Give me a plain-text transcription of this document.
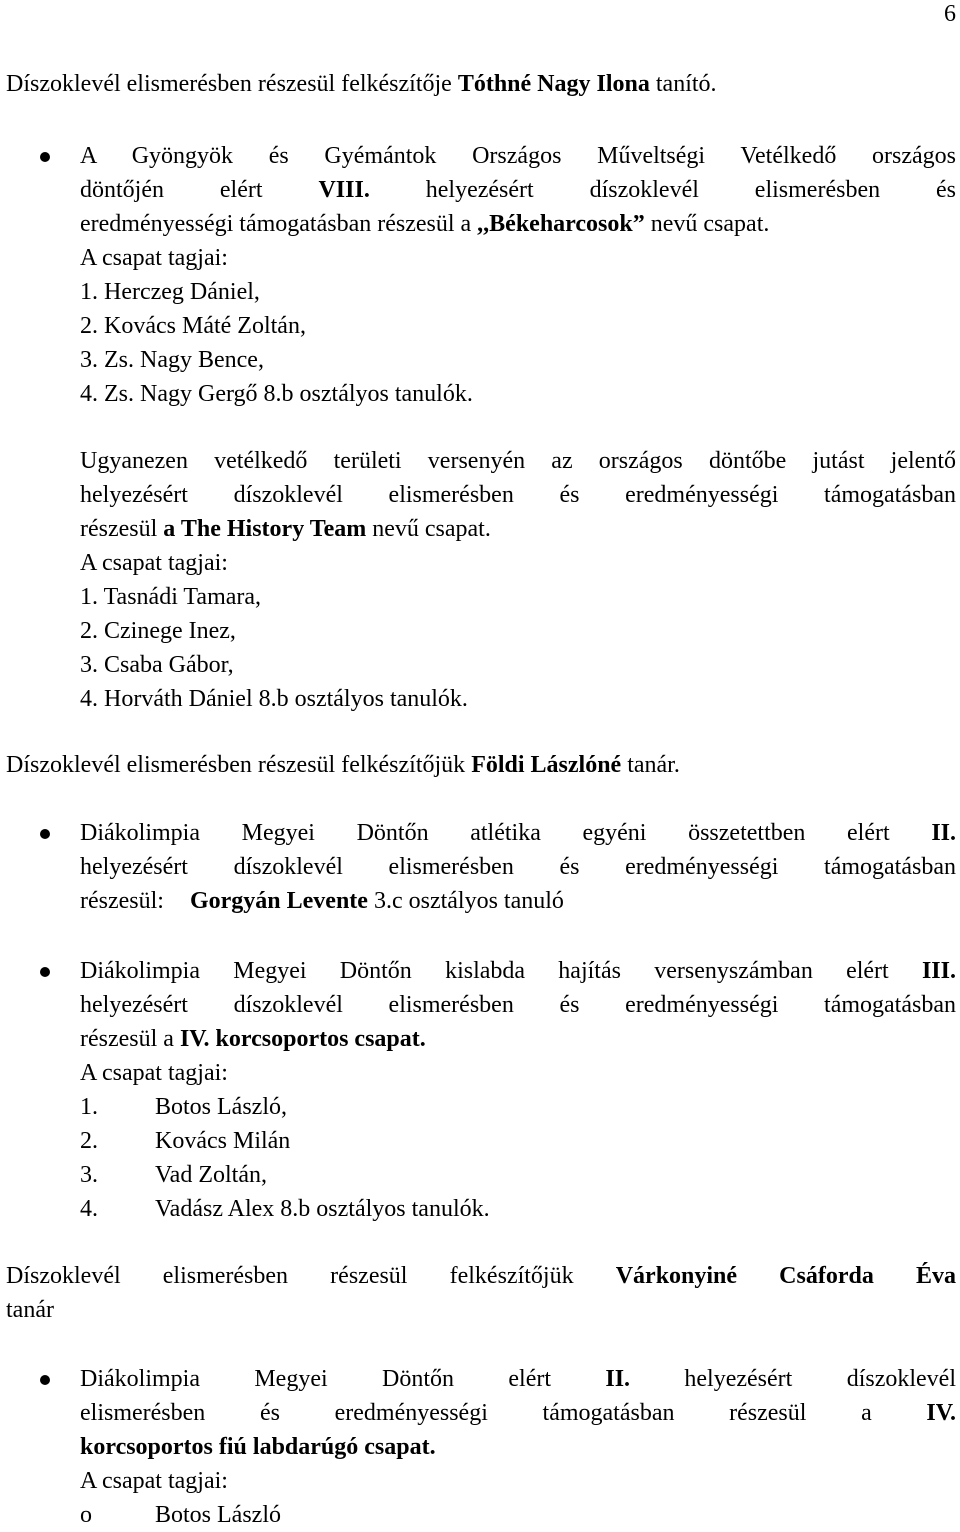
6
Díszoklevél elismerésben részesül felkészítője Tóthné Nagy Ilona tanító.
A Gyöngyök és Gyémántok Országos Műveltségi Vetélkedő országos
döntőjén elért VIII. helyezésért díszoklevél elismerésben és
eredményességi támogatásban részesül a ,,Békeharcosok” nevű csapat.
A csapat tagjai:
1. Herczeg Dániel,
2. Kovács Máté Zoltán,
3. Zs. Nagy Bence,
4. Zs. Nagy Gergő 8.b osztályos tanulók.
Ugyanezen vetélkedő területi versenyén az országos döntőbe jutást jelentő
helyezésért díszoklevél elismerésben és eredményességi támogatásban
részesül a The History Team nevű csapat.
A csapat tagjai:
1. Tasnádi Tamara,
2. Czinege Inez,
3. Csaba Gábor,
4. Horváth Dániel 8.b osztályos tanulók.
Díszoklevél elismerésben részesül felkészítőjük Földi Lászlóné tanár.
Diákolimpia Megyei Döntőn atlétika egyéni összetettben elért II.
helyezésért díszoklevél elismerésben és eredményességi támogatásban
részesül: Gorgyán Levente 3.c osztályos tanuló
Diákolimpia Megyei Döntőn kislabda hajítás versenyszámban elért III.
helyezésért díszoklevél elismerésben és eredményességi támogatásban
részesül a IV. korcsoportos csapat.
A csapat tagjai:
1. Botos László,
2. Kovács Milán
3. Vad Zoltán,
4. Vadász Alex 8.b osztályos tanulók.
Díszoklevél elismerésben részesül felkészítőjük Várkonyiné Csáforda Éva
tanár
Diákolimpia Megyei Döntőn elért II. helyezésért díszoklevél
elismerésben és eredményességi támogatásban részesül a IV.
korcsoportos fiú labdarúgó csapat.
A csapat tagjai:
o	Botos László
